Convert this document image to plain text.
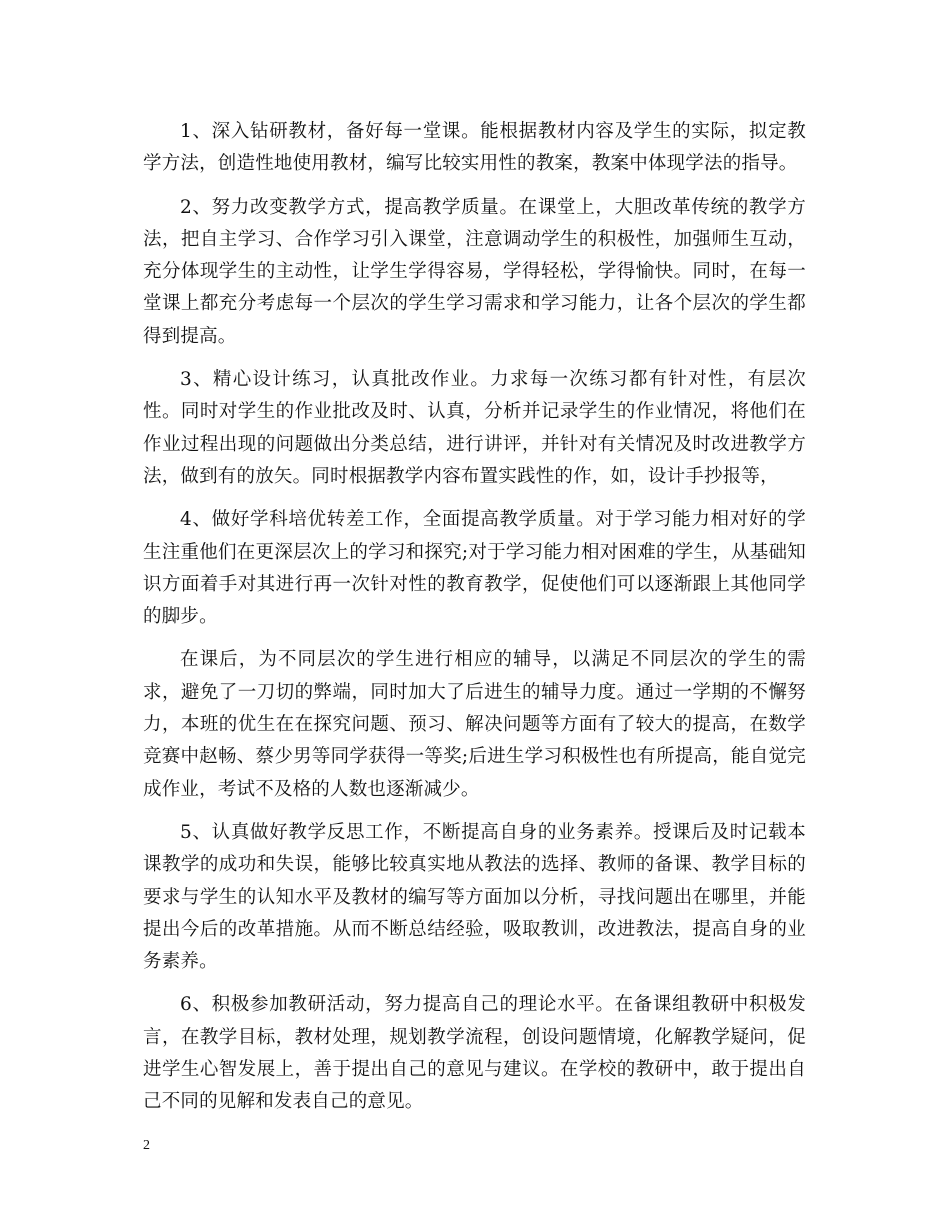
1、深入钻研教材，备好每一堂课。能根据教材内容及学生的实际，拟定教学方法，创造性地使用教材，编写比较实用性的教案，教案中体现学法的指导。

2、努力改变教学方式，提高教学质量。在课堂上，大胆改革传统的教学方法，把自主学习、合作学习引入课堂，注意调动学生的积极性，加强师生互动，充分体现学生的主动性，让学生学得容易，学得轻松，学得愉快。同时，在每一堂课上都充分考虑每一个层次的学生学习需求和学习能力，让各个层次的学生都得到提高。

3、精心设计练习，认真批改作业。力求每一次练习都有针对性，有层次性。同时对学生的作业批改及时、认真，分析并记录学生的作业情况，将他们在作业过程出现的问题做出分类总结，进行讲评，并针对有关情况及时改进教学方法，做到有的放矢。同时根据教学内容布置实践性的作，如，设计手抄报等，

4、做好学科培优转差工作，全面提高教学质量。对于学习能力相对好的学生注重他们在更深层次上的学习和探究;对于学习能力相对困难的学生，从基础知识方面着手对其进行再一次针对性的教育教学，促使他们可以逐渐跟上其他同学的脚步。

在课后，为不同层次的学生进行相应的辅导，以满足不同层次的学生的需求，避免了一刀切的弊端，同时加大了后进生的辅导力度。通过一学期的不懈努力，本班的优生在在探究问题、预习、解决问题等方面有了较大的提高，在数学竞赛中赵畅、蔡少男等同学获得一等奖;后进生学习积极性也有所提高，能自觉完成作业，考试不及格的人数也逐渐减少。

5、认真做好教学反思工作，不断提高自身的业务素养。授课后及时记载本课教学的成功和失误，能够比较真实地从教法的选择、教师的备课、教学目标的要求与学生的认知水平及教材的编写等方面加以分析，寻找问题出在哪里，并能提出今后的改革措施。从而不断总结经验，吸取教训，改进教法，提高自身的业务素养。

6、积极参加教研活动，努力提高自己的理论水平。在备课组教研中积极发言，在教学目标，教材处理，规划教学流程，创设问题情境，化解教学疑问，促进学生心智发展上，善于提出自己的意见与建议。在学校的教研中，敢于提出自己不同的见解和发表自己的意见。

2
